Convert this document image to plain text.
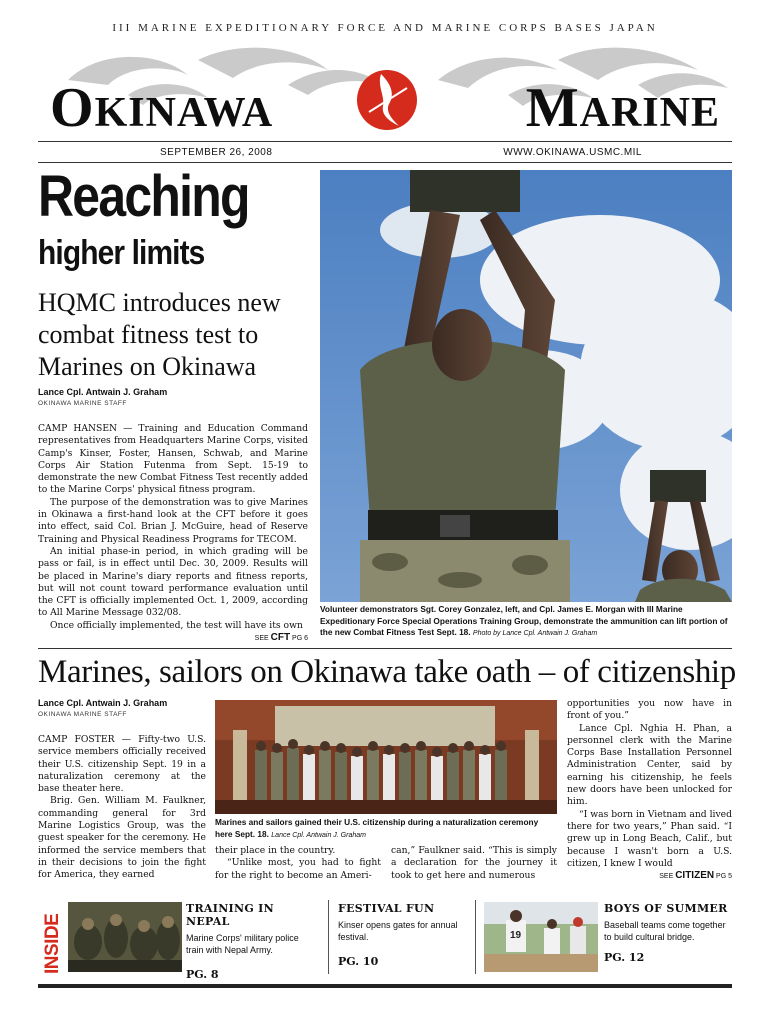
III MARINE EXPEDITIONARY FORCE AND MARINE CORPS BASES JAPAN
OKINAWA	MARINE
SEPTEMBER 26, 2008	WWW.OKINAWA.USMC.MIL
Reaching
higher limits
HQMC introduces new combat fitness test to Marines on Okinawa
Lance Cpl. Antwain J. Graham
OKINAWA MARINE STAFF

CAMP HANSEN — Training and Education Command representatives from Headquarters Marine Corps, visited Camp's Kinser, Foster, Hansen, Schwab, and Marine Corps Air Station Futenma from Sept. 15-19 to demonstrate the new Combat Fitness Test recently added to the Marine Corps' physical fitness program.

The purpose of the demonstration was to give Marines in Okinawa a first-hand look at the CFT before it goes into effect, said Col. Brian J. McGuire, head of Reserve Training and Physical Readiness Programs for TECOM.

An initial phase-in period, in which grading will be pass or fail, is in effect until Dec. 30, 2009. Results will be placed in Marine's diary reports and fitness reports, but will not count toward performance evaluation until the CFT is officially implemented Oct. 1, 2009, according to All Marine Message 032/08.

Once officially implemented, the test will have its own

SEE CFT PG 6
Volunteer demonstrators Sgt. Corey Gonzalez, left, and Cpl. James E. Morgan with III Marine Expeditionary Force Special Operations Training Group, demonstrate the ammunition can lift portion of the new Combat Fitness Test Sept. 18. Photo by Lance Cpl. Antwain J. Graham
Marines, sailors on Okinawa take oath – of citizenship
Lance Cpl. Antwain J. Graham
OKINAWA MARINE STAFF

CAMP FOSTER — Fifty-two U.S. service members officially received their U.S. citizenship Sept. 19 in a naturalization ceremony at the base theater here.

Brig. Gen. William M. Faulkner, commanding general for 3rd Marine Logistics Group, was the guest speaker for the ceremony. He informed the service members that in their decisions to join the fight for America, they earned

Marines and sailors gained their U.S. citizenship during a naturalization ceremony here Sept. 18. Lance Cpl. Antwain J. Graham

their place in the country.

“Unlike most, you had to fight for the right to become an Ameri-

can,” Faulkner said. “This is simply a declaration for the journey it took to get here and numerous

opportunities you now have in front of you.”

Lance Cpl. Nghia H. Phan, a personnel clerk with the Marine Corps Base Installation Personnel Administration Center, said by earning his citizenship, he feels new doors have been unlocked for him.

“I was born in Vietnam and lived there for two years,” Phan said. “I grew up in Long Beach, Calif., but because I wasn't born a U.S. citizen, I knew I would

SEE CITIZEN PG 5
INSIDE
TRAINING IN NEPAL
Marine Corps' military police train with Nepal Army.
PG. 8
FESTIVAL FUN
Kinser opens gates for annual festival.
PG. 10
19
BOYS OF SUMMER
Baseball teams come together to build cultural bridge.
PG. 12
